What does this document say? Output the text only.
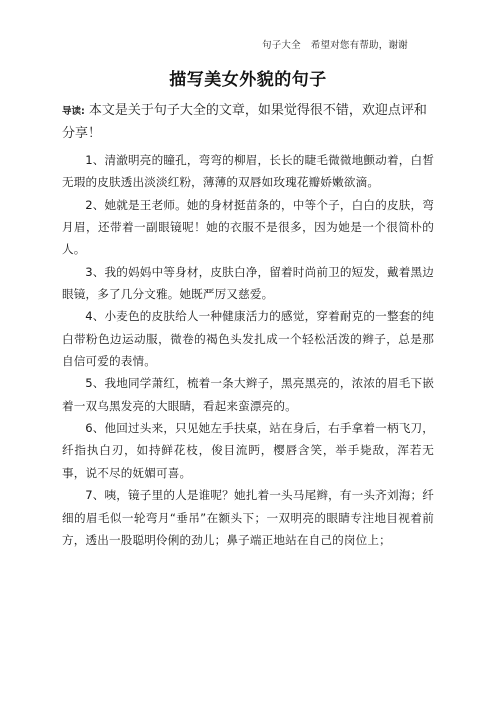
句子大全 希望对您有帮助，谢谢
描写美女外貌的句子
导读: 本文是关于句子大全的文章，如果觉得很不错，欢迎点评和分享！

1、清澈明亮的瞳孔，弯弯的柳眉，长长的睫毛微微地颤动着，白皙无瑕的皮肤透出淡淡红粉，薄薄的双唇如玫瑰花瓣娇嫩欲滴。

2、她就是王老师。她的身材挺苗条的，中等个子，白白的皮肤，弯月眉，还带着一副眼镜呢！她的衣服不是很多，因为她是一个很简朴的人。

3、我的妈妈中等身材，皮肤白净，留着时尚前卫的短发，戴着黑边眼镜，多了几分文雅。她既严厉又慈爱。

4、小麦色的皮肤给人一种健康活力的感觉，穿着耐克的一整套的纯白带粉色边运动服，微卷的褐色头发扎成一个轻松活泼的辫子，总是那自信可爱的表情。

5、我地同学萧红，梳着一条大辫子，黑亮黑亮的，浓浓的眉毛下嵌着一双乌黑发亮的大眼睛，看起来蛮漂亮的。

6、他回过头来，只见她左手扶桌，站在身后，右手拿着一柄飞刀，纤指执白刃，如持鲜花枝，俊目流眄，樱唇含笑，举手毙敌，浑若无事，说不尽的妩媚可喜。

7、咦，镜子里的人是谁呢？她扎着一头马尾辫，有一头齐刘海；纤细的眉毛似一轮弯月“垂吊”在额头下；一双明亮的眼睛专注地目视着前方，透出一股聪明伶俐的劲儿；鼻子端正地站在自己的岗位上；
